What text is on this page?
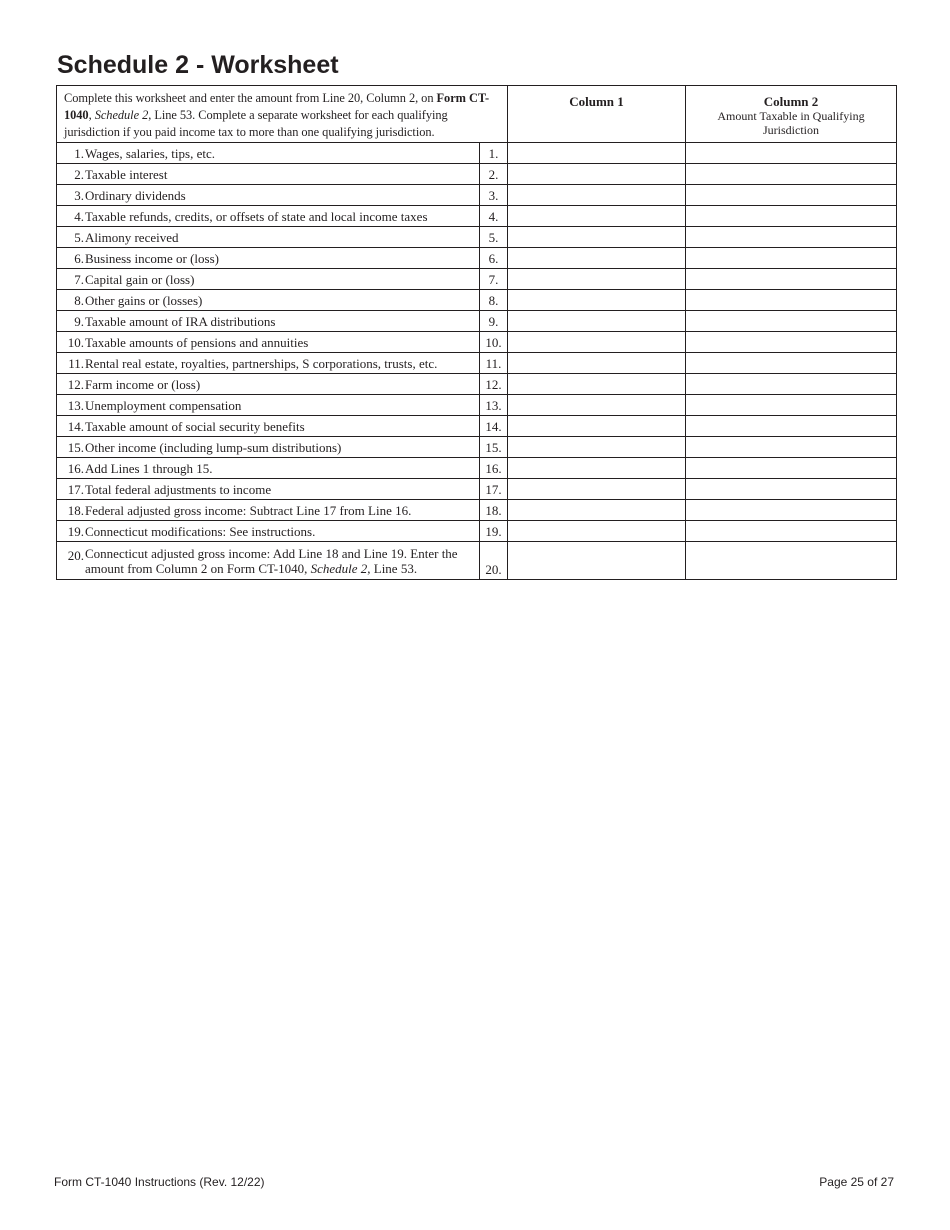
Schedule 2 - Worksheet
Complete this worksheet and enter the amount from Line 20, Column 2, on Form CT-1040, Schedule 2, Line 53. Complete a separate worksheet for each qualifying jurisdiction if you paid income tax to more than one qualifying jurisdiction.		Column 1	Column 2
Amount Taxable in Qualifying Jurisdiction

1. Wages, salaries, tips, etc.	1.		

2. Taxable interest	2.		

3. Ordinary dividends	3.		

4. Taxable refunds, credits, or offsets of state and local income taxes	4.		

5. Alimony received	5.		

6. Business income or (loss)	6.		

7. Capital gain or (loss)	7.		

8. Other gains or (losses)	8.		

9. Taxable amount of IRA distributions	9.		

10. Taxable amounts of pensions and annuities	10.		

11. Rental real estate, royalties, partnerships, S corporations, trusts, etc.	11.		

12. Farm income or (loss)	12.		

13. Unemployment compensation	13.		

14. Taxable amount of social security benefits	14.		

15. Other income (including lump-sum distributions)	15.		

16. Add Lines 1 through 15.	16.		

17. Total federal adjustments to income	17.		

18. Federal adjusted gross income: Subtract Line 17 from Line 16.	18.		

19. Connecticut modifications: See instructions.	19.		

20. Connecticut adjusted gross income: Add Line 18 and Line 19. Enter the amount from Column 2 on Form CT-1040, Schedule 2, Line 53.	20.		
Form CT-1040 Instructions (Rev. 12/22)	Page 25 of 27
